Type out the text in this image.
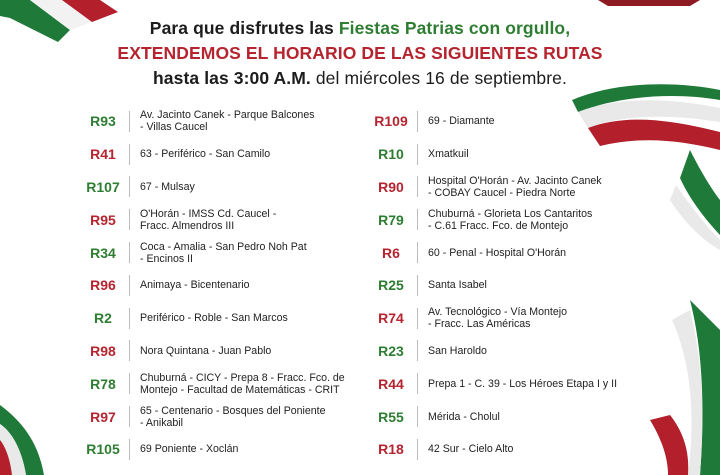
Para que disfrutes las Fiestas Patrias con orgullo,
EXTENDEMOS EL HORARIO DE LAS SIGUIENTES RUTAS
hasta las 3:00 A.M. del miércoles 16 de septiembre.
R93	Av. Jacinto Canek - Parque Balcones
- Villas Caucel
R41	63 - Periférico - San Camilo
R107 67 - Mulsay
R95	O'Horán - IMSS Cd. Caucel -
Fracc. Almendros III
R34	Coca - Amalia - San Pedro Noh Pat
- Encinos II
R96	Animaya - Bicentenario
R2	Periférico - Roble - San Marcos
R98	Nora Quintana - Juan Pablo
R78	Chuburná - CICY - Prepa 8 - Fracc. Fco. de
Montejo - Facultad de Matemáticas - CRIT
R97	65 - Centenario - Bosques del Poniente
- Anikabil
R105 69 Poniente - Xoclán
R109 69 - Diamante
R10	Xmatkuil
R90	Hospital O'Horán - Av. Jacinto Canek
- COBAY Caucel - Piedra Norte
R79	Chuburná - Glorieta Los Cantaritos
- C.61 Fracc. Fco. de Montejo
R6	60 - Penal - Hospital O'Horán
R25	Santa Isabel
R74	Av. Tecnológico - Vía Montejo
- Fracc. Las Américas
R23	San Haroldo
R44	Prepa 1 - C. 39 - Los Héroes Etapa I y II
R55	Mérida - Cholul
R18	42 Sur - Cielo Alto
